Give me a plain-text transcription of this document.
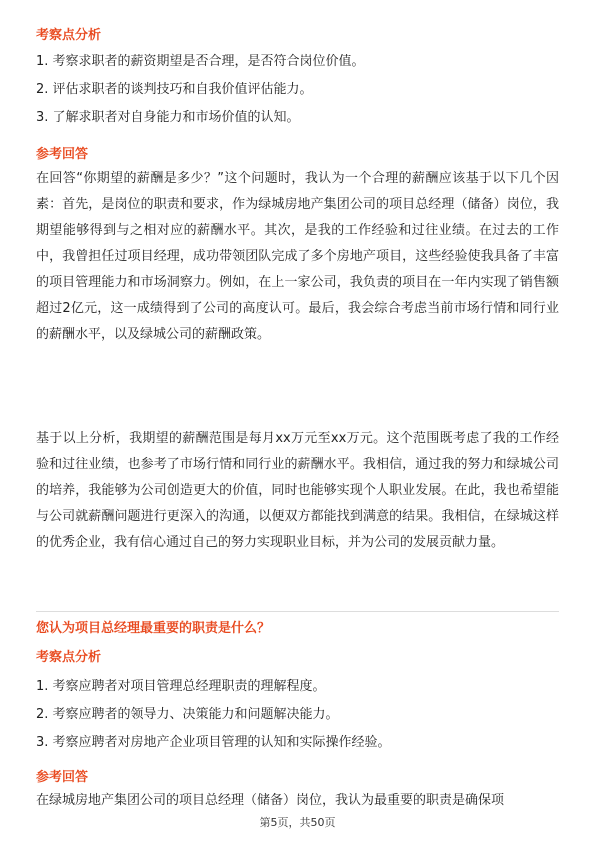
考察点分析
1. 考察求职者的薪资期望是否合理，是否符合岗位价值。
2. 评估求职者的谈判技巧和自我价值评估能力。
3. 了解求职者对自身能力和市场价值的认知。
参考回答
在回答“你期望的薪酬是多少？”这个问题时，我认为一个合理的薪酬应该基于以下几个因素：首先，是岗位的职责和要求，作为绿城房地产集团公司的项目总经理（储备）岗位，我期望能够得到与之相对应的薪酬水平。其次，是我的工作经验和过往业绩。在过去的工作中，我曾担任过项目经理，成功带领团队完成了多个房地产项目，这些经验使我具备了丰富的项目管理能力和市场洞察力。例如，在上一家公司，我负责的项目在一年内实现了销售额超过2亿元，这一成绩得到了公司的高度认可。最后，我会综合考虑当前市场行情和同行业的薪酬水平，以及绿城公司的薪酬政策。
基于以上分析，我期望的薪酬范围是每月xx万元至xx万元。这个范围既考虑了我的工作经验和过往业绩，也参考了市场行情和同行业的薪酬水平。我相信，通过我的努力和绿城公司的培养，我能够为公司创造更大的价值，同时也能够实现个人职业发展。在此，我也希望能与公司就薪酬问题进行更深入的沟通，以便双方都能找到满意的结果。我相信，在绿城这样的优秀企业，我有信心通过自己的努力实现职业目标，并为公司的发展贡献力量。
您认为项目总经理最重要的职责是什么？
考察点分析
1. 考察应聘者对项目管理总经理职责的理解程度。
2. 考察应聘者的领导力、决策能力和问题解决能力。
3. 考察应聘者对房地产企业项目管理的认知和实际操作经验。
参考回答
在绿城房地产集团公司的项目总经理（储备）岗位，我认为最重要的职责是确保项
第5页，共50页
